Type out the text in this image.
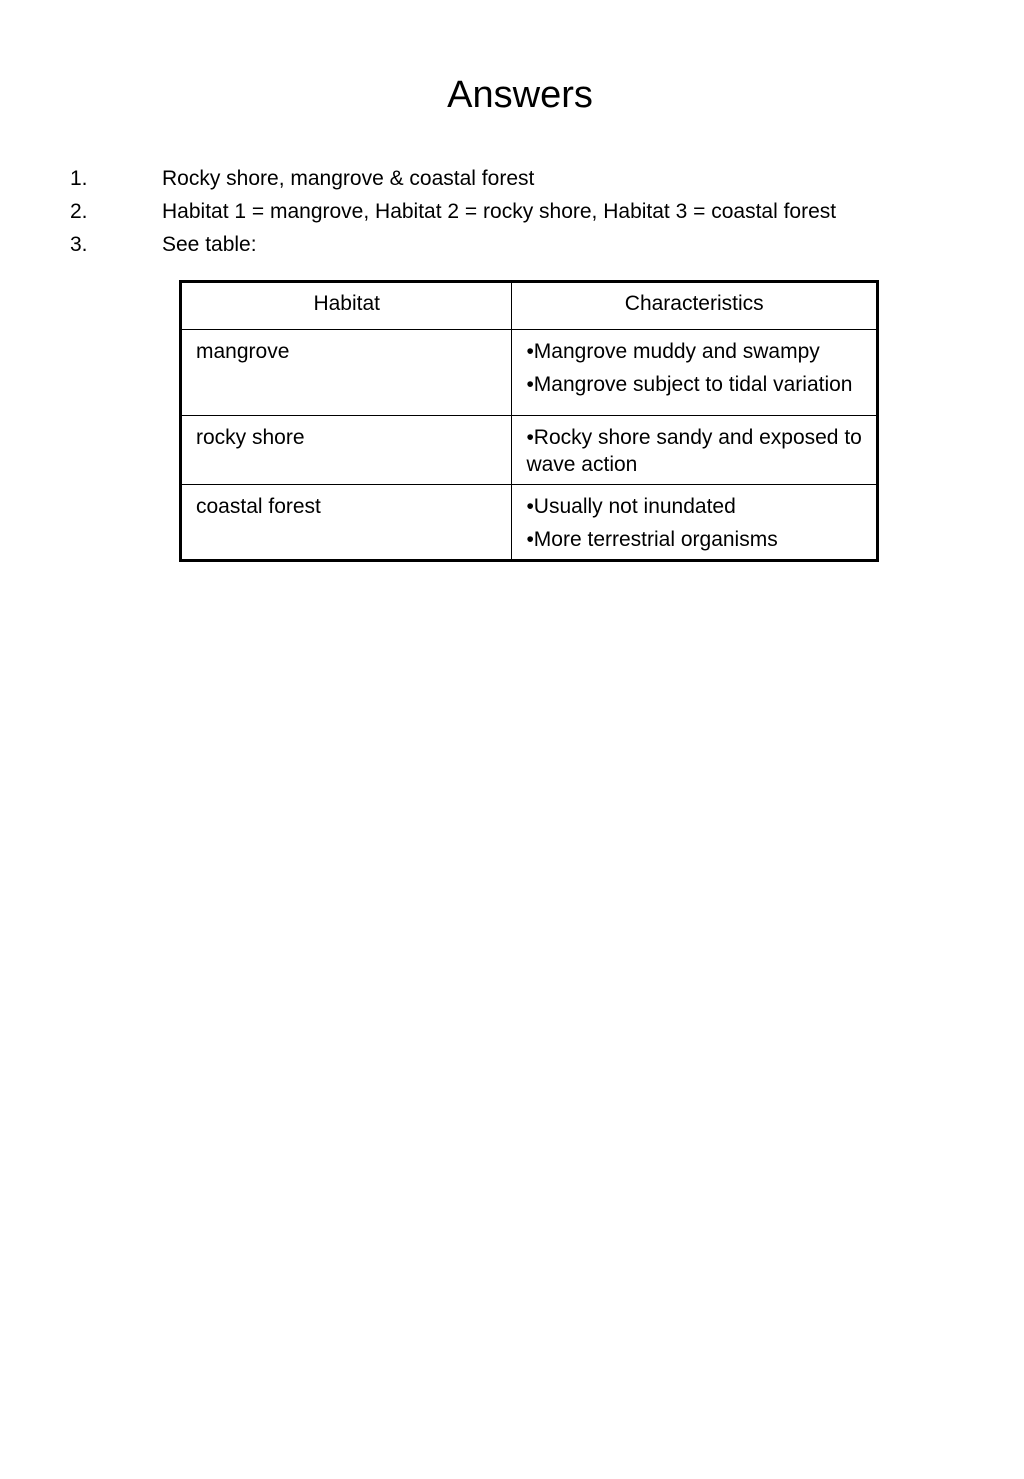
Answers
1.	Rocky shore, mangrove & coastal forest
2.	Habitat 1 = mangrove, Habitat 2 = rocky shore, Habitat 3 = coastal forest
3.	See table:
Habitat	Characteristics
mangrove	•Mangrove muddy and swampy
•Mangrove subject to tidal variation

rocky shore	•Rocky shore sandy and exposed to wave action

coastal forest	•Usually not inundated
•More terrestrial organisms
